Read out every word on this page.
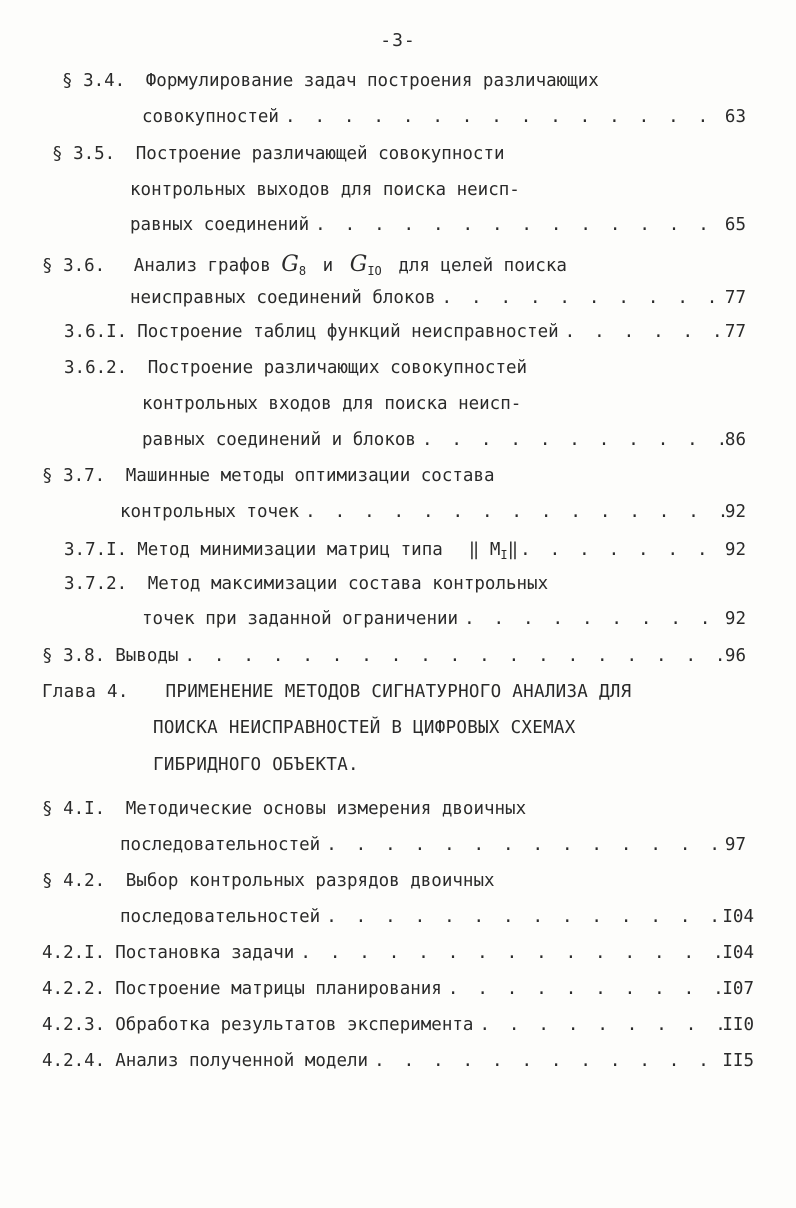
-3-
§ 3.4. Формулирование задач построения различающих
совокупностей . . .	63
§ 3.5. Построение различающей совокупности
контрольных выходов для поиска неисп-
равных соединений . . .	65
§ 3.6. Анализ графов $G_8$ и $G_{IO}$ для целей поиска
неисправных соединений блоков . . .	77
3.6.I. Построение таблиц функций неисправностей . . .	77
3.6.2. Построение различающих совокупностей
контрольных входов для поиска неисп-
равных соединений и блоков . . .	86
§ 3.7. Машинные методы оптимизации состава
контрольных точек . . .	92
3.7.I. Метод минимизации матриц типа ‖ $M_I‖$ . . .	92
3.7.2. Метод максимизации состава контрольных
точек при заданной ограничении . . .	92
§ 3.8. Выводы . . .	96
Глава 4. ПРИМЕНЕНИЕ МЕТОДОВ СИГНАТУРНОГО АНАЛИЗА ДЛЯ
ПОИСКА НЕИСПРАВНОСТЕЙ В ЦИФРОВЫХ СХЕМАХ
ГИБРИДНОГО ОБЪЕКТА.
§ 4.I. Методические основы измерения двоичных
последовательностей . . .	97
§ 4.2. Выбор контрольных разрядов двоичных
последовательностей . . .	I04
4.2.I. Постановка задачи . . .	I04
4.2.2. Построение матрицы планирования . . .	I07
4.2.3. Обработка результатов эксперимента . . .	II0
4.2.4. Анализ полученной модели . . .	II5
